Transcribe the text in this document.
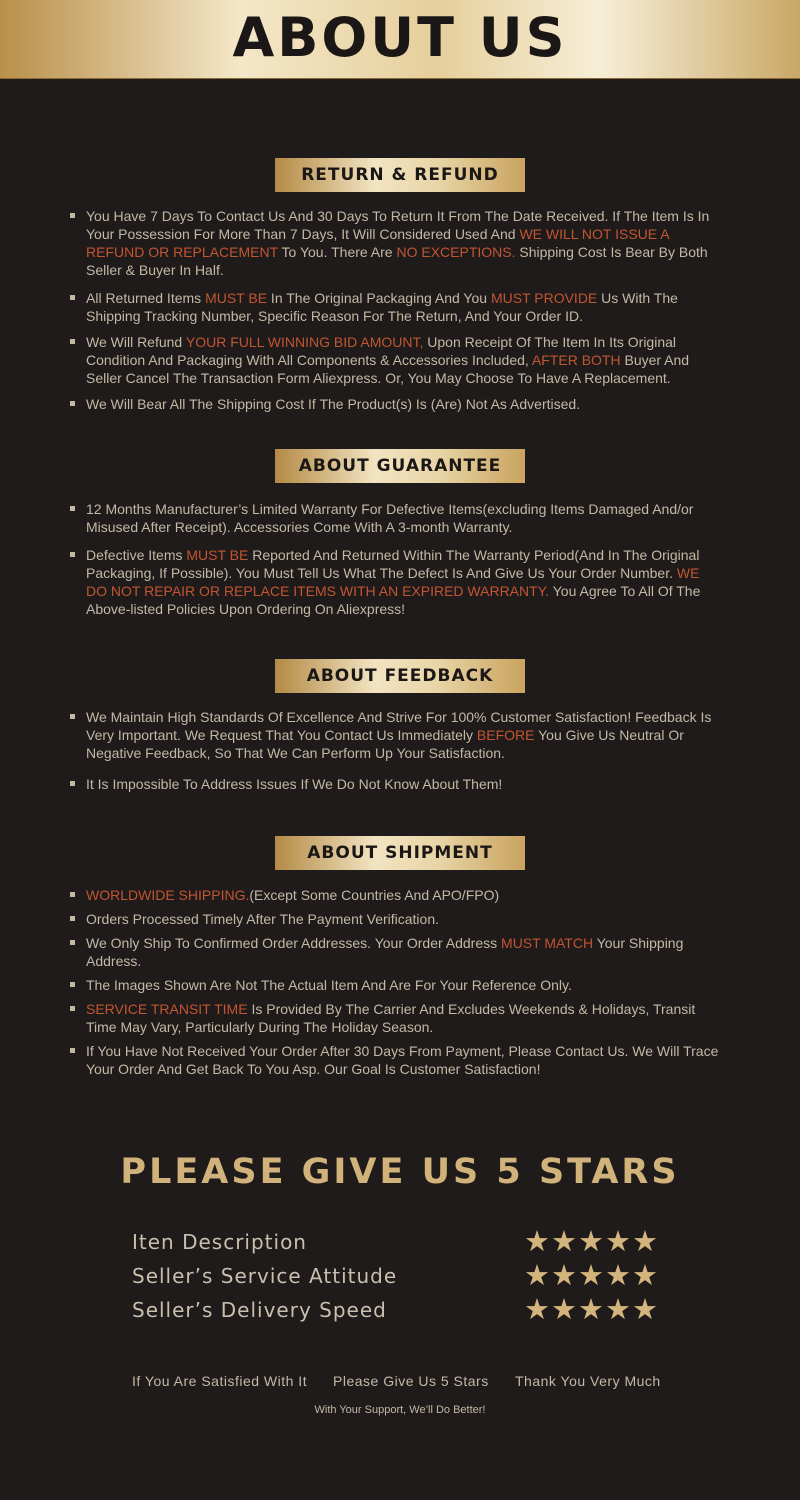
ABOUT US
RETURN & REFUND
You Have 7 Days To Contact Us And 30 Days To Return It From The Date Received. If The Item Is In Your Possession For More Than 7 Days, It Will Considered Used And WE WILL NOT ISSUE A REFUND OR REPLACEMENT To You. There Are NO EXCEPTIONS. Shipping Cost Is Bear By Both Seller & Buyer In Half.
All Returned Items MUST BE In The Original Packaging And You MUST PROVIDE Us With The Shipping Tracking Number, Specific Reason For The Return, And Your Order ID.
We Will Refund YOUR FULL WINNING BID AMOUNT, Upon Receipt Of The Item In Its Original Condition And Packaging With All Components & Accessories Included, AFTER BOTH Buyer And Seller Cancel The Transaction Form Aliexpress. Or, You May Choose To Have A Replacement.
We Will Bear All The Shipping Cost If The Product(s) Is (Are) Not As Advertised.
ABOUT GUARANTEE
12 Months Manufacturer’s Limited Warranty For Defective Items(excluding Items Damaged And/or Misused After Receipt). Accessories Come With A 3-month Warranty.
Defective Items MUST BE Reported And Returned Within The Warranty Period(And In The Original Packaging, If Possible). You Must Tell Us What The Defect Is And Give Us Your Order Number. WE DO NOT REPAIR OR REPLACE ITEMS WITH AN EXPIRED WARRANTY. You Agree To All Of The Above-listed Policies Upon Ordering On Aliexpress!
ABOUT FEEDBACK
We Maintain High Standards Of Excellence And Strive For 100% Customer Satisfaction! Feedback Is Very Important. We Request That You Contact Us Immediately BEFORE You Give Us Neutral Or Negative Feedback, So That We Can Perform Up Your Satisfaction.
It Is Impossible To Address Issues If We Do Not Know About Them!
ABOUT SHIPMENT
WORLDWIDE SHIPPING.(Except Some Countries And APO/FPO)
Orders Processed Timely After The Payment Verification.
We Only Ship To Confirmed Order Addresses. Your Order Address MUST MATCH Your Shipping Address.
The Images Shown Are Not The Actual Item And Are For Your Reference Only.
SERVICE TRANSIT TIME Is Provided By The Carrier And Excludes Weekends & Holidays, Transit Time May Vary, Particularly During The Holiday Season.
If You Have Not Received Your Order After 30 Days From Payment, Please Contact Us. We Will Trace Your Order And Get Back To You Asp. Our Goal Is Customer Satisfaction!
PLEASE GIVE US 5 STARS
Iten Description	★★★★★
Seller’s Service Attitude	★★★★★
Seller’s Delivery Speed	★★★★★
If You Are Satisfied With It Please Give Us 5 Stars Thank You Very Much
With Your Support, We’ll Do Better!
